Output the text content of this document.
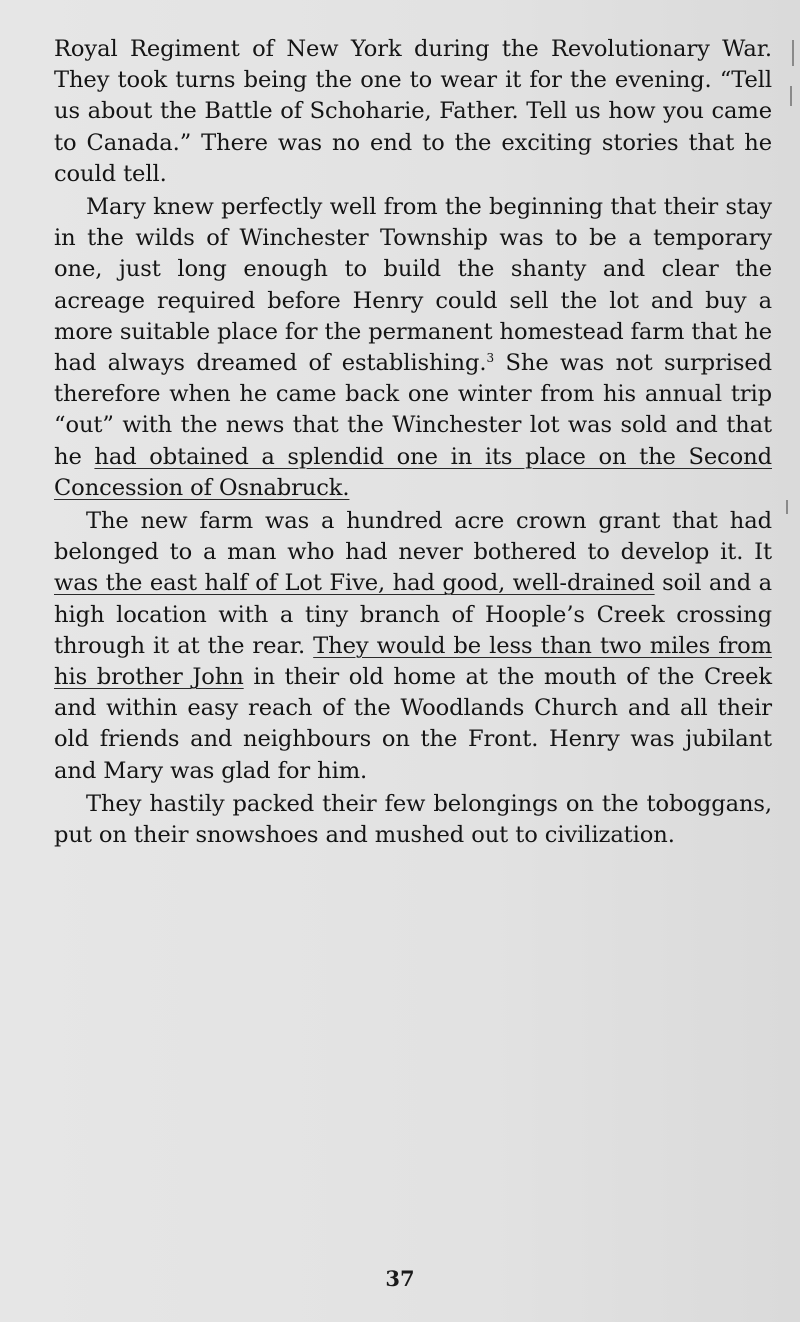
Royal Regiment of New York during the Revolutionary War. They took turns being the one to wear it for the evening. “Tell us about the Battle of Schoharie, Father. Tell us how you came to Canada.” There was no end to the exciting stories that he could tell.

Mary knew perfectly well from the beginning that their stay in the wilds of Winchester Township was to be a temporary one, just long enough to build the shanty and clear the acreage required before Henry could sell the lot and buy a more suitable place for the permanent homestead farm that he had always dreamed of establishing.$^3$ She was not surprised therefore when he came back one winter from his annual trip “out” with the news that the Winchester lot was sold and that he had obtained a splendid one in its place on the Second Concession of Osnabruck.

The new farm was a hundred acre crown grant that had belonged to a man who had never bothered to develop it. It was the east half of Lot Five, had good, well-drained soil and a high location with a tiny branch of Hoople’s Creek crossing through it at the rear. They would be less than two miles from his brother John in their old home at the mouth of the Creek and within easy reach of the Woodlands Church and all their old friends and neighbours on the Front. Henry was jubilant and Mary was glad for him.

They hastily packed their few belongings on the toboggans, put on their snowshoes and mushed out to civilization.

37
